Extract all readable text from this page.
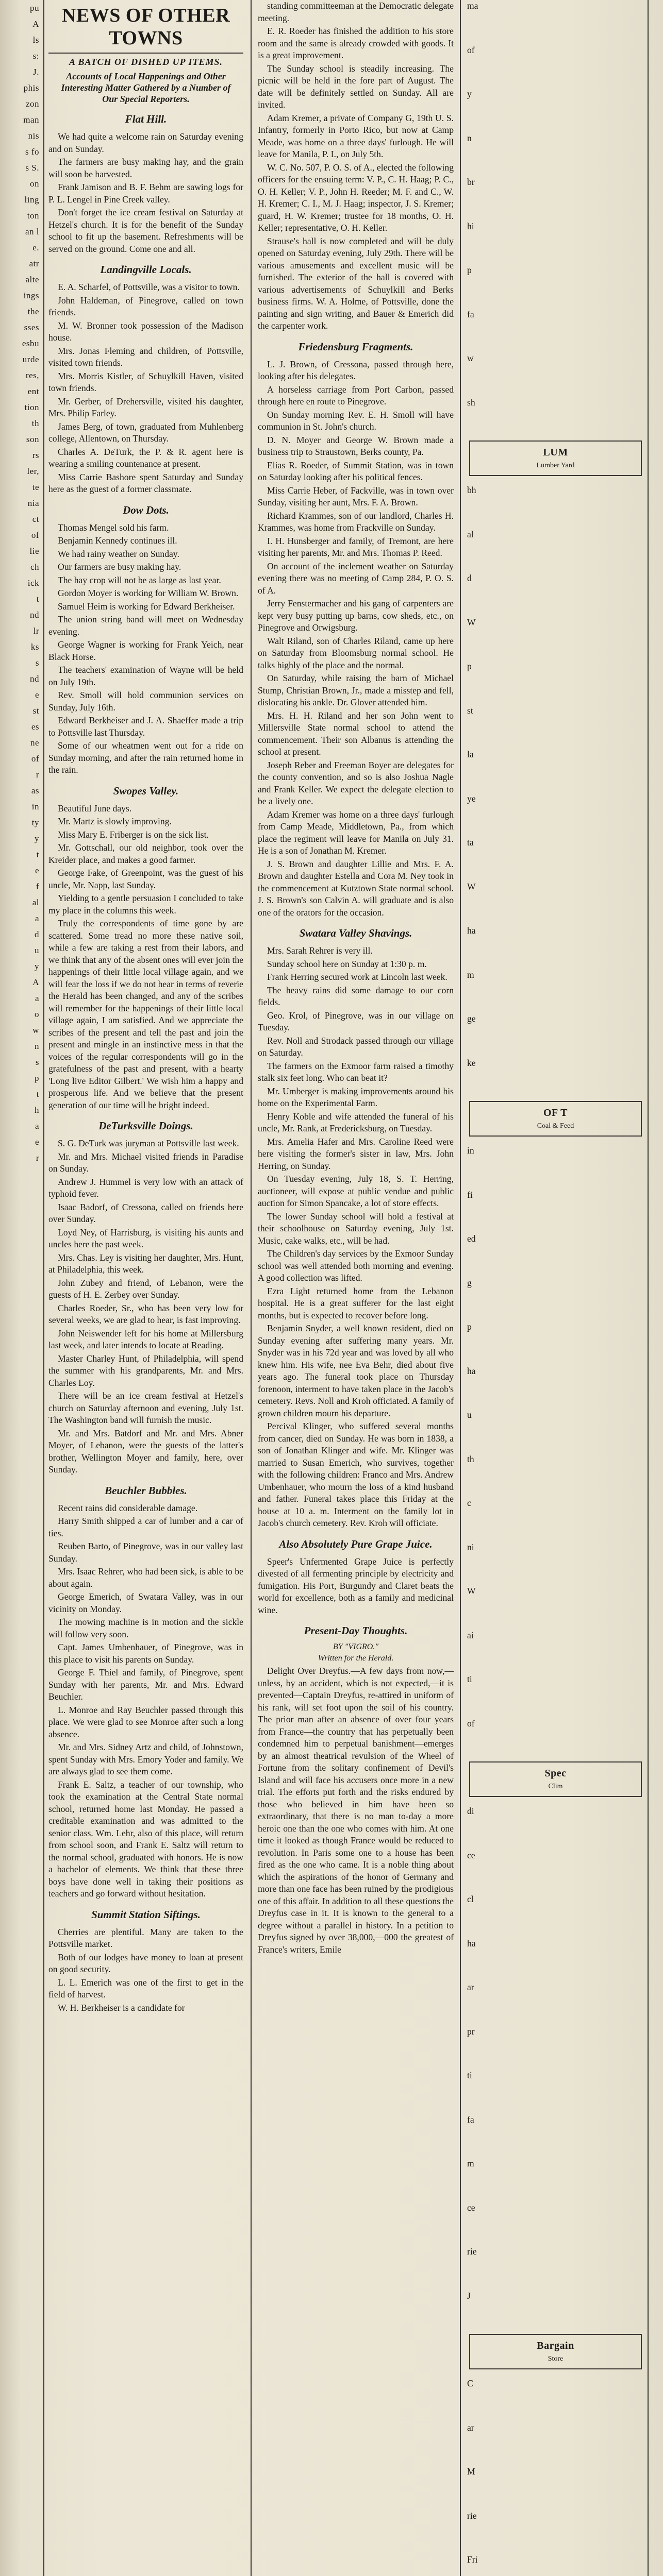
pu
A
ls
s:
J.
phis
zon
man
nis
s fo
s S.
on
ling
ton
an l
e.
atr
alte
ings
the
sses
esbu
urde
res,
ent
tion
th
son
rs
ler,
te
nia
ct
of
lie
ch
ick
t
nd
lr
ks
s
nd
e
st
es
ne
of
r
as
in
ty
y
t
e
f
al
a
d
u
y
A
a
o
w
n
s
p
t
h
a
e
r
NEWS OF OTHER TOWNS
A BATCH OF DISHED UP ITEMS.
Accounts of Local Happenings and Other Interesting Matter Gathered by a Number of Our Special Reporters.
Flat Hill.

We had quite a welcome rain on Saturday evening and on Sunday.

The farmers are busy making hay, and the grain will soon be harvested.

Frank Jamison and B. F. Behm are sawing logs for P. L. Lengel in Pine Creek valley.

Don't forget the ice cream festival on Saturday at Hetzel's church. It is for the benefit of the Sunday school to fit up the basement. Refreshments will be served on the ground. Come one and all.

Landingville Locals.

E. A. Scharfel, of Pottsville, was a visitor to town.

John Haldeman, of Pinegrove, called on town friends.

M. W. Bronner took possession of the Madison house.

Mrs. Jonas Fleming and children, of Pottsville, visited town friends.

Mrs. Morris Kistler, of Schuylkill Haven, visited town friends.

Mr. Gerber, of Drehersville, visited his daughter, Mrs. Philip Farley.

James Berg, of town, graduated from Muhlenberg college, Allentown, on Thursday.

Charles A. DeTurk, the P. & R. agent here is wearing a smiling countenance at present.

Miss Carrie Bashore spent Saturday and Sunday here as the guest of a former classmate.

Dow Dots.

Thomas Mengel sold his farm.

Benjamin Kennedy continues ill.

We had rainy weather on Sunday.

Our farmers are busy making hay.

The hay crop will not be as large as last year.

Gordon Moyer is working for William W. Brown.

Samuel Heim is working for Edward Berkheiser.

The union string band will meet on Wednesday evening.

George Wagner is working for Frank Yeich, near Black Horse.

The teachers' examination of Wayne will be held on July 19th.

Rev. Smoll will hold communion services on Sunday, July 16th.

Edward Berkheiser and J. A. Shaeffer made a trip to Pottsville last Thursday.

Some of our wheatmen went out for a ride on Sunday morning, and after the rain returned home in the rain.

Swopes Valley.

Beautiful June days.

Mr. Martz is slowly improving.

Miss Mary E. Friberger is on the sick list.

Mr. Gottschall, our old neighbor, took over the Kreider place, and makes a good farmer.

George Fake, of Greenpoint, was the guest of his uncle, Mr. Napp, last Sunday.

Yielding to a gentle persuasion I concluded to take my place in the columns this week.

Truly the correspondents of time gone by are scattered. Some tread no more these native soil, while a few are taking a rest from their labors, and we think that any of the absent ones will ever join the happenings of their little local village again, and we will fear the loss if we do not hear in terms of reverie the Herald has been changed, and any of the scribes will remember for the happenings of their little local village again, I am satisfied. And we appreciate the scribes of the present and tell the past and join the present and mingle in an instinctive mess in that the voices of the regular correspondents will go in the gratefulness of the past and present, with a hearty 'Long live Editor Gilbert.' We wish him a happy and prosperous life. And we believe that the present generation of our time will be bright indeed.

DeTurksville Doings.

S. G. DeTurk was juryman at Pottsville last week.

Mr. and Mrs. Michael visited friends in Paradise on Sunday.

Andrew J. Hummel is very low with an attack of typhoid fever.

Isaac Badorf, of Cressona, called on friends here over Sunday.

Loyd Ney, of Harrisburg, is visiting his aunts and uncles here the past week.

Mrs. Chas. Ley is visiting her daughter, Mrs. Hunt, at Philadelphia, this week.

John Zubey and friend, of Lebanon, were the guests of H. E. Zerbey over Sunday.

Charles Roeder, Sr., who has been very low for several weeks, we are glad to hear, is fast improving.

John Neiswender left for his home at Millersburg last week, and later intends to locate at Reading.

Master Charley Hunt, of Philadelphia, will spend the summer with his grandparents, Mr. and Mrs. Charles Loy.

There will be an ice cream festival at Hetzel's church on Saturday afternoon and evening, July 1st. The Washington band will furnish the music.

Mr. and Mrs. Batdorf and Mr. and Mrs. Abner Moyer, of Lebanon, were the guests of the latter's brother, Wellington Moyer and family, here, over Sunday.

Beuchler Bubbles.

Recent rains did considerable damage.

Harry Smith shipped a car of lumber and a car of ties.

Reuben Barto, of Pinegrove, was in our valley last Sunday.

Mrs. Isaac Rehrer, who had been sick, is able to be about again.

George Emerich, of Swatara Valley, was in our vicinity on Monday.

The mowing machine is in motion and the sickle will follow very soon.

Capt. James Umbenhauer, of Pinegrove, was in this place to visit his parents on Sunday.

George F. Thiel and family, of Pinegrove, spent Sunday with her parents, Mr. and Mrs. Edward Beuchler.

L. Monroe and Ray Beuchler passed through this place. We were glad to see Monroe after such a long absence.

Mr. and Mrs. Sidney Artz and child, of Johnstown, spent Sunday with Mrs. Emory Yoder and family. We are always glad to see them come.

Frank E. Saltz, a teacher of our township, who took the examination at the Central State normal school, returned home last Monday. He passed a creditable examination and was admitted to the senior class. Wm. Lehr, also of this place, will return from school soon, and Frank E. Saltz will return to the normal school, graduated with honors. He is now a bachelor of elements. We think that these three boys have done well in taking their positions as teachers and go forward without hesitation.

Summit Station Siftings.

Cherries are plentiful. Many are taken to the Pottsville market.

Both of our lodges have money to loan at present on good security.

L. L. Emerich was one of the first to get in the field of harvest.

W. H. Berkheiser is a candidate for

standing committeeman at the Democratic delegate meeting.

E. R. Roeder has finished the addition to his store room and the same is already crowded with goods. It is a great improvement.

The Sunday school is steadily increasing. The picnic will be held in the fore part of August. The date will be definitely settled on Sunday. All are invited.

Adam Kremer, a private of Company G, 19th U. S. Infantry, formerly in Porto Rico, but now at Camp Meade, was home on a three days' furlough. He will leave for Manila, P. I., on July 5th.

W. C. No. 507, P. O. S. of A., elected the following officers for the ensuing term: V. P., C. H. Haag; P. C., O. H. Keller; V. P., John H. Reeder; M. F. and C., W. H. Kremer; C. I., M. J. Haag; inspector, J. S. Kremer; guard, H. W. Kremer; trustee for 18 months, O. H. Keller; representative, O. H. Keller.

Strause's hall is now completed and will be duly opened on Saturday evening, July 29th. There will be various amusements and excellent music will be furnished. The exterior of the hall is covered with various advertisements of Schuylkill and Berks business firms. W. A. Holme, of Pottsville, done the painting and sign writing, and Bauer & Emerich did the carpenter work.

Friedensburg Fragments.

L. J. Brown, of Cressona, passed through here, looking after his delegates.

A horseless carriage from Port Carbon, passed through here en route to Pinegrove.

On Sunday morning Rev. E. H. Smoll will have communion in St. John's church.

D. N. Moyer and George W. Brown made a business trip to Straustown, Berks county, Pa.

Elias R. Roeder, of Summit Station, was in town on Saturday looking after his political fences.

Miss Carrie Heber, of Fackville, was in town over Sunday, visiting her aunt, Mrs. F. A. Brown.

Richard Krammes, son of our landlord, Charles H. Krammes, was home from Frackville on Sunday.

I. H. Hunsberger and family, of Tremont, are here visiting her parents, Mr. and Mrs. Thomas P. Reed.

On account of the inclement weather on Saturday evening there was no meeting of Camp 284, P. O. S. of A.

Jerry Fenstermacher and his gang of carpenters are kept very busy putting up barns, cow sheds, etc., on Pinegrove and Orwigsburg.

Walt Riland, son of Charles Riland, came up here on Saturday from Bloomsburg normal school. He talks highly of the place and the normal.

On Saturday, while raising the barn of Michael Stump, Christian Brown, Jr., made a misstep and fell, dislocating his ankle. Dr. Glover attended him.

Mrs. H. H. Riland and her son John went to Millersville State normal school to attend the commencement. Their son Albanus is attending the school at present.

Joseph Reber and Freeman Boyer are delegates for the county convention, and so is also Joshua Nagle and Frank Keller. We expect the delegate election to be a lively one.

Adam Kremer was home on a three days' furlough from Camp Meade, Middletown, Pa., from which place the regiment will leave for Manila on July 31. He is a son of Jonathan M. Kremer.

J. S. Brown and daughter Lillie and Mrs. F. A. Brown and daughter Estella and Cora M. Ney took in the commencement at Kutztown State normal school. J. S. Brown's son Calvin A. will graduate and is also one of the orators for the occasion.

Swatara Valley Shavings.

Mrs. Sarah Rehrer is very ill.

Sunday school here on Sunday at 1:30 p. m.

Frank Herring secured work at Lincoln last week.

The heavy rains did some damage to our corn fields.

Geo. Krol, of Pinegrove, was in our village on Tuesday.

Rev. Noll and Strodack passed through our village on Saturday.

The farmers on the Exmoor farm raised a timothy stalk six feet long. Who can beat it?

Mr. Umberger is making improvements around his home on the Experimental Farm.

Henry Koble and wife attended the funeral of his uncle, Mr. Rank, at Fredericksburg, on Tuesday.

Mrs. Amelia Hafer and Mrs. Caroline Reed were here visiting the former's sister in law, Mrs. John Herring, on Sunday.

On Tuesday evening, July 18, S. T. Herring, auctioneer, will expose at public vendue and public auction for Simon Spancake, a lot of store effects.

The lower Sunday school will hold a festival at their schoolhouse on Saturday evening, July 1st. Music, cake walks, etc., will be had.

The Children's day services by the Exmoor Sunday school was well attended both morning and evening. A good collection was lifted.

Ezra Light returned home from the Lebanon hospital. He is a great sufferer for the last eight months, but is expected to recover before long.

Benjamin Snyder, a well known resident, died on Sunday evening after suffering many years. Mr. Snyder was in his 72d year and was loved by all who knew him. His wife, nee Eva Behr, died about five years ago. The funeral took place on Thursday forenoon, interment to have taken place in the Jacob's cemetery. Revs. Noll and Kroh officiated. A family of grown children mourn his departure.

Percival Klinger, who suffered several months from cancer, died on Sunday. He was born in 1838, a son of Jonathan Klinger and wife. Mr. Klinger was married to Susan Emerich, who survives, together with the following children: Franco and Mrs. Andrew Umbenhauer, who mourn the loss of a kind husband and father. Funeral takes place this Friday at the house at 10 a. m. Interment on the family lot in Jacob's church cemetery. Rev. Kroh will officiate.

Also Absolutely Pure Grape Juice.

Speer's Unfermented Grape Juice is perfectly divested of all fermenting principle by electricity and fumigation. His Port, Burgundy and Claret beats the world for excellence, both as a family and medicinal wine.

Present-Day Thoughts.
BY "VIGRO."
Written for the Herald.

Delight Over Dreyfus.—A few days from now,—unless, by an accident, which is not expected,—it is prevented—Captain Dreyfus, re-attired in uniform of his rank, will set foot upon the soil of his country. The prior man after an absence of over four years from France—the country that has perpetually been condemned him to perpetual banishment—emerges by an almost theatrical revulsion of the Wheel of Fortune from the solitary confinement of Devil's Island and will face his accusers once more in a new trial. The efforts put forth and the risks endured by those who believed in him have been so extraordinary, that there is no man to-day a more heroic one than the one who comes with him. At one time it looked as though France would be reduced to revolution. In Paris some one to a house has been fired as the one who came. It is a noble thing about which the aspirations of the honor of Germany and more than one face has been ruined by the prodigious one of this affair. In addition to all these questions the Dreyfus case in it. It is known to the general to a degree without a parallel in history. In a petition to Dreyfus signed by over 38,000,—000 the greatest of France's writers, Emile

ma

of

y

n

br

hi

p

fa

w

sh

LUM
Lumber Yard

bh

al

d

W

p

st

la

ye

ta

W

ha

m

ge

ke

OF T
Coal & Feed

in

fi

ed

g

p

ha

u

th

c

ni

W

ai

ti

of

Spec
Clim

di

ce

cl

ha

ar

pr

ti

fa

m

ce

rie

J

Bargain
Store

C

ar

M

rie

Fri
